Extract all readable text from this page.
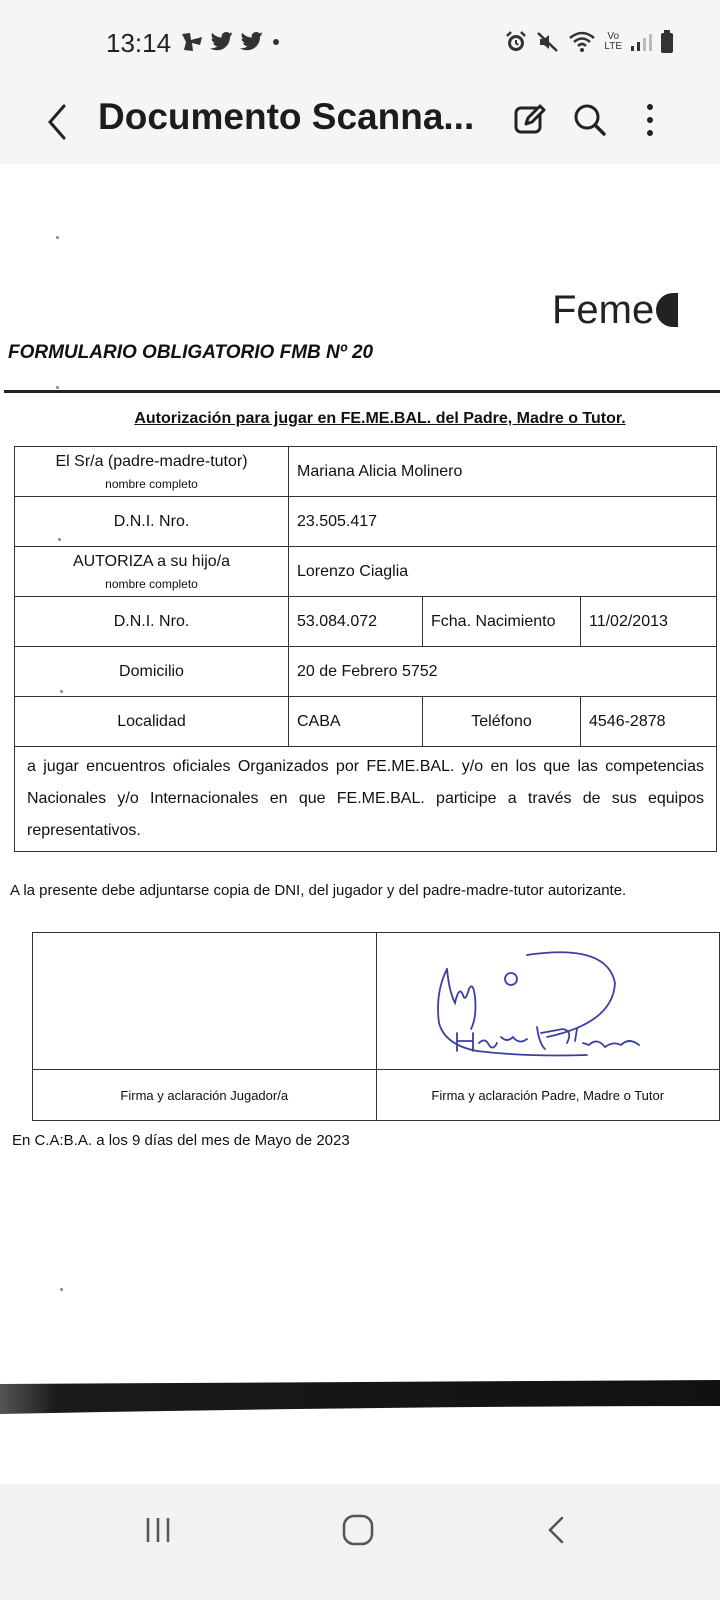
13:14	Vo
LTE
Documento Scanna...
Feme
FORMULARIO OBLIGATORIO FMB Nº 20
Autorización para jugar en FE.ME.BAL. del Padre, Madre o Tutor.
El Sr/a (padre-madre-tutor)
nombre completo	Mariana Alicia Molinero		
D.N.I. Nro.	23.505.417		
AUTORIZA a su hijo/a
nombre completo	Lorenzo Ciaglia		
D.N.I. Nro.	53.084.072	Fcha. Nacimiento	11/02/2013
Domicilio	20 de Febrero 5752		
Localidad	CABA	Teléfono	4546-2878
a jugar encuentros oficiales Organizados por FE.ME.BAL. y/o en los que las competencias Nacionales y/o Internacionales en que FE.ME.BAL. participe a través de sus equipos representativos.			
A la presente debe adjuntarse copia de DNI, del jugador y del padre-madre-tutor autorizante.

Firma y aclaración Jugador/a	Firma y aclaración Padre, Madre o Tutor
En C.A:B.A. a los 9 días del mes de Mayo de 2023
